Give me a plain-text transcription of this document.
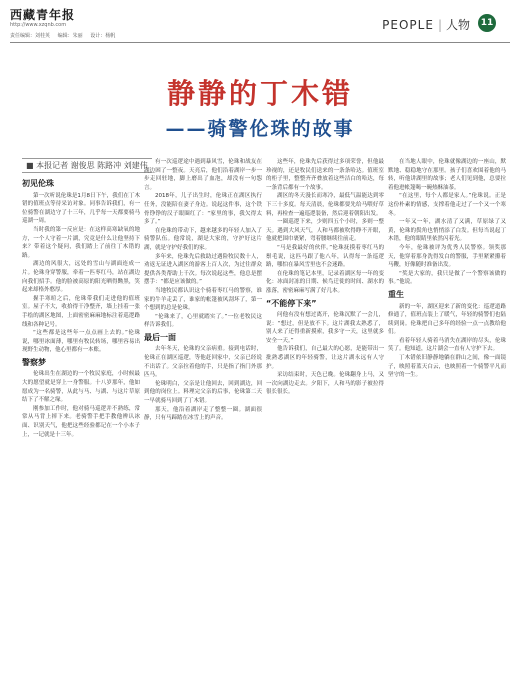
西藏青年报
http://www.xzqnb.com
责任编辑：刘桂英 编辑：朱丽 设计：杨帆
PEOPLE | 人物	11
静静的丁木错
——骑警伦珠的故事
■ 本报记者 谢俊思 陈路冲 刘建伟
初见伦珠

第一次听说伦珠是1月8日下午，我们在丁木错的值班点等待采访对象。同事告诉我们，有一位骑警在湖边守了十三年，几乎每一天都要骑马巡湖一周。

当时我的第一反应是：在这样高寒缺氧的地方，一个人守着一片湖，究竟是什么让他坚持下来？带着这个疑问，我们踏上了前往丁木错的路。

湖边的风很大，远处的雪山与湖面连成一片。伦珠身穿警服，牵着一匹枣红马，站在湖边向我们招手。他的脸被高原的阳光晒得黝黑，笑起来却格外憨厚。

握手寒暄之后，伦珠带我们走进他的值班室。屋子不大，收拾得干净整齐，墙上挂着一张手绘的湖区地图，上面密密麻麻地标注着巡逻路线和各种记号。

“这些都是这些年一点点画上去的。”伦珠说，哪里冰面薄，哪里有牧民转场，哪里容易出现野生动物，他心里都有一本账。

警察梦

伦珠出生在湖边的一个牧民家庭，小时候最大的愿望就是穿上一身警服。十八岁那年，他如愿成为一名骑警，从此与马、与湖、与这片草原结下了不解之缘。

刚参加工作时，他对骑马巡逻并不熟练，常常从马背上摔下来。老骑警手把手教他辨认冰面、识别天气，他把这些经验都记在一个小本子上，一记就是十三年。

有一次巡逻途中遇到暴风雪，伦珠和战友在湖边困了一整夜。天亮后，他们沿着湖岸一步一步走回驻地，脚上磨出了血泡，却没有一句怨言。

2018年，儿子出生时，伦珠正在湖区执行任务，没能陪在妻子身边。说起这件事，这个铁骨铮铮的汉子眼圈红了：“家里的事，我欠得太多了。”

在伦珠的带动下，越来越多的年轻人加入了骑警队伍。他常说，湖是大家的，守护好这片湖，就是守护好我们的家。

多年来，伦珠先后救助过遇险牧民数十人，劝返无证进入湖区的游客上百人次，为过往群众提供各类帮助上千次。每次说起这些，他总是摆摆手：“都是应该做的。”

当地牧民都认识这个骑着枣红马的警察，谁家的牛羊走丢了，谁家的帐篷被风刮坏了，第一个想到的总是伦珠。

“伦珠来了，心里就踏实了。”一位老牧民这样告诉我们。

最后一面

去年冬天，伦珠的父亲病重。接到电话时，伦珠正在湖区巡逻，等他赶回家中，父亲已经说不出话了。父亲拉着他的手，只是指了指门外那匹马。

伦珠明白，父亲是让他回去，回到湖边，回到他的岗位上。料理完父亲的后事，伦珠第二天一早就骑马回到了丁木错。

那天，他沿着湖岸走了整整一圈。湖面很静，只有马蹄踏在冰雪上的声音。

这些年，伦珠先后获得过多项荣誉，但他最珍视的，还是牧民们送来的一条条哈达。值班室的柜子里，整整齐齐叠放着这些洁白的哈达，每一条背后都有一个故事。

湖区的冬天漫长而寒冷，最低气温能达到零下三十多度。每天清晨，伦珠都要先给马喂好草料，再检查一遍巡逻装备，然后迎着朝阳出发。

一圈巡逻下来，少则四五个小时，多则一整天。遇到大风天气，人和马都被吹得睁不开眼，他就把围巾裹紧，弯着腰继续往前走。

“马是我最好的伙伴。”伦珠抚摸着枣红马的鬃毛说，这匹马跟了他八年，认得每一条巡逻路，哪怕在暴风雪里也不会迷路。

在伦珠的笔记本里，记录着湖区每一年的变化：冰面封冻的日期、候鸟迁徙的时间、湖水的涨落，密密麻麻写满了好几本。

“不能停下来”

问他有没有想过离开，伦珠沉默了一会儿，说：“想过，但是放不下。这片湖我太熟悉了，别人来了还得重新摸索，我多守一天，这里就多安全一天。”

他告诉我们，自己最大的心愿，是能带出一批熟悉湖区的年轻骑警，让这片湖永远有人守护。

采访结束时，天色已晚。伦珠翻身上马，又一次向湖边走去。夕阳下，人和马的影子被拉得很长很长。

在当地人眼中，伦珠就像湖边的一座山，默默地、稳稳地守在那里。孩子们喜欢围着他的马转，听他讲湖里的故事；老人们见到他，总要拉着他进帐篷喝一碗热酥油茶。

“在这里，每个人都是家人。”伦珠说。正是这份朴素的情感，支撑着他走过了一个又一个寒冬。

一年又一年，湖水清了又满，草原绿了又黄，伦珠的鬓角也悄悄添了白发。但每当说起丁木错，他的眼睛里依然闪着光。

今年，伦珠被评为优秀人民警察。领奖那天，他穿着那身洗得发白的警服，手里紧紧攥着马鞭，好像随时准备出发。

“奖是大家的，我只是做了一个警察该做的事。”他说。

重生

新的一年，湖区迎来了新的变化：巡逻道路修通了，值班点装上了暖气，年轻的骑警们也陆续到岗。伦珠把自己多年的经验一点一点教给他们。

看着年轻人骑着马消失在湖岸的尽头，伦珠笑了。他知道，这片湖会一直有人守护下去。

丁木错依旧静静地躺在群山之间，像一面镜子，映照着蓝天白云，也映照着一个骑警平凡而坚守的一生。
